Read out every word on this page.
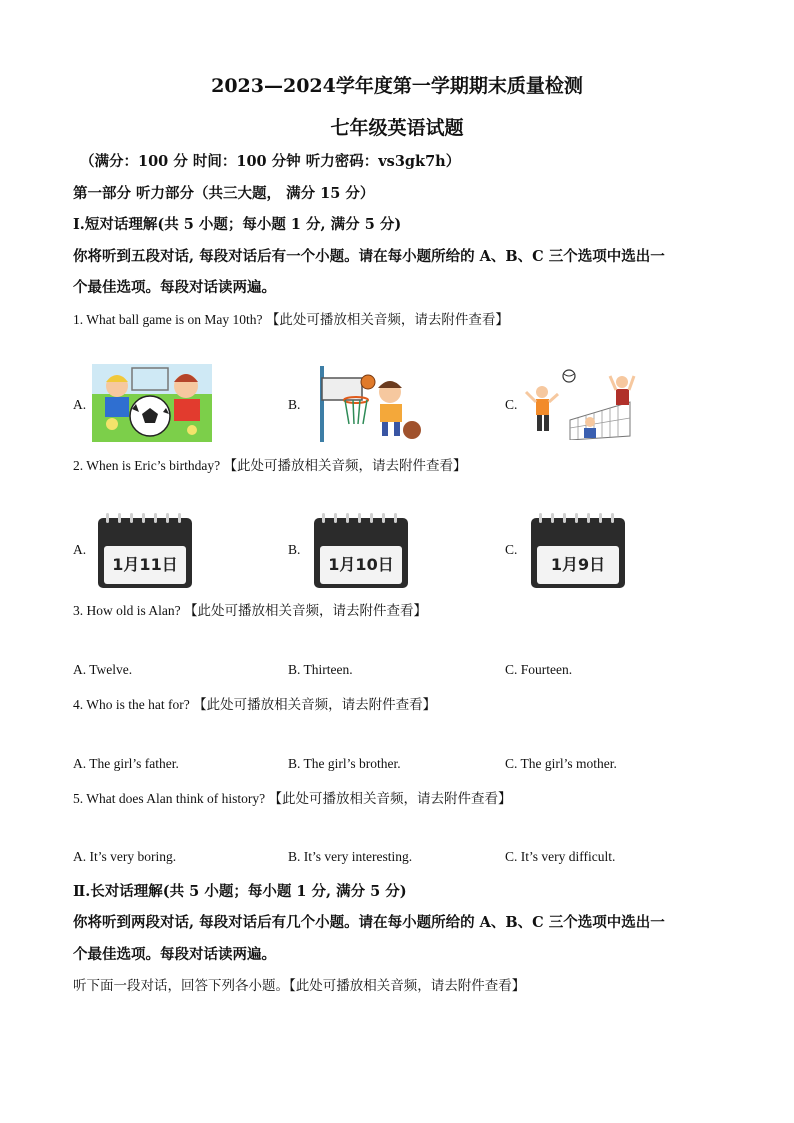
2023—2024学年度第一学期期末质量检测
七年级英语试题
（满分：100 分 时间：100 分钟 听力密码：vs3gk7h）
第一部分 听力部分（共三大题， 满分 15 分）
Ⅰ.短对话理解(共 5 小题；每小题 1 分, 满分 5 分)
你将听到五段对话, 每段对话后有一个小题。请在每小题所给的 A、B、C 三个选项中选出一
个最佳选项。每段对话读两遍。
1. What ball game is on May 10th? 【此处可播放相关音频，请去附件查看】
A.	B.	C.
2. When is Eric’s birthday? 【此处可播放相关音频，请去附件查看】
A.	B.	C.
1月11日	1月10日	1月9日
3. How old is Alan? 【此处可播放相关音频，请去附件查看】
A. Twelve.	B. Thirteen.	C. Fourteen.
4. Who is the hat for? 【此处可播放相关音频，请去附件查看】
A. The girl’s father.	B. The girl’s brother.	C. The girl’s mother.
5. What does Alan think of history? 【此处可播放相关音频，请去附件查看】
A. It’s very boring.	B. It’s very interesting.	C. It’s very difficult.
Ⅱ.长对话理解(共 5 小题；每小题 1 分, 满分 5 分)
你将听到两段对话, 每段对话后有几个小题。请在每小题所给的 A、B、C 三个选项中选出一
个最佳选项。每段对话读两遍。
听下面一段对话，回答下列各小题。【此处可播放相关音频，请去附件查看】
